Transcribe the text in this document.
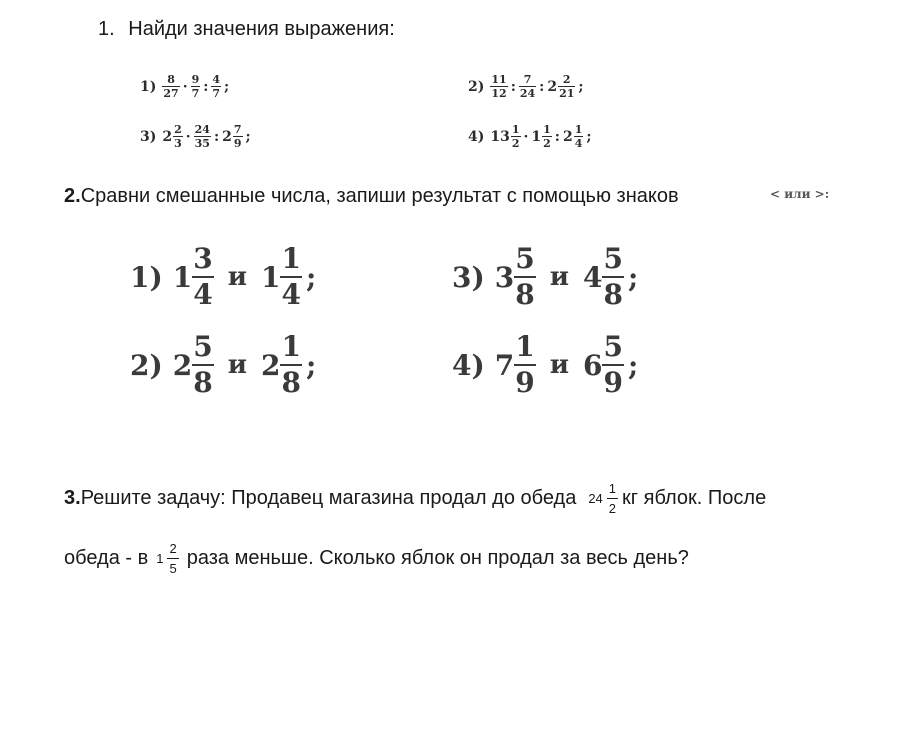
1. Найди значения выражения:
$1) \frac{8}{27} \cdot \frac{9}{7}$ : $\frac{4}{7}$ ;	$2) \frac{11}{12}$ : $\frac{7}{24}$ : $2 \frac{2}{21}$ ;
3) $2 \frac{2}{3} \cdot \frac{24}{35}$ : $2 \frac{7}{9}$ ;	4) $13 \frac{1}{2} \cdot 1 \frac{1}{2}$ : $2 \frac{1}{4}$ ;
2.Сравни смешанные числа, запиши результат с помощью знаков	< или >:
1) $1 \frac{3}{4}$ и $1 \frac{1}{4}$ ;	3) $3 \frac{5}{8}$ и $4 \frac{5}{8}$ ;
2) $2 \frac{5}{8}$ и $2 \frac{1}{8}$ ;	4) $7 \frac{1}{9}$ и $6 \frac{5}{9}$ ;
3. Решите задачу: Продавец магазина продал до обеда $24 \frac{1}{2}$ кг яблок. После
обеда - в $1 \frac{2}{5}$ раза меньше. Сколько яблок он продал за весь день?
